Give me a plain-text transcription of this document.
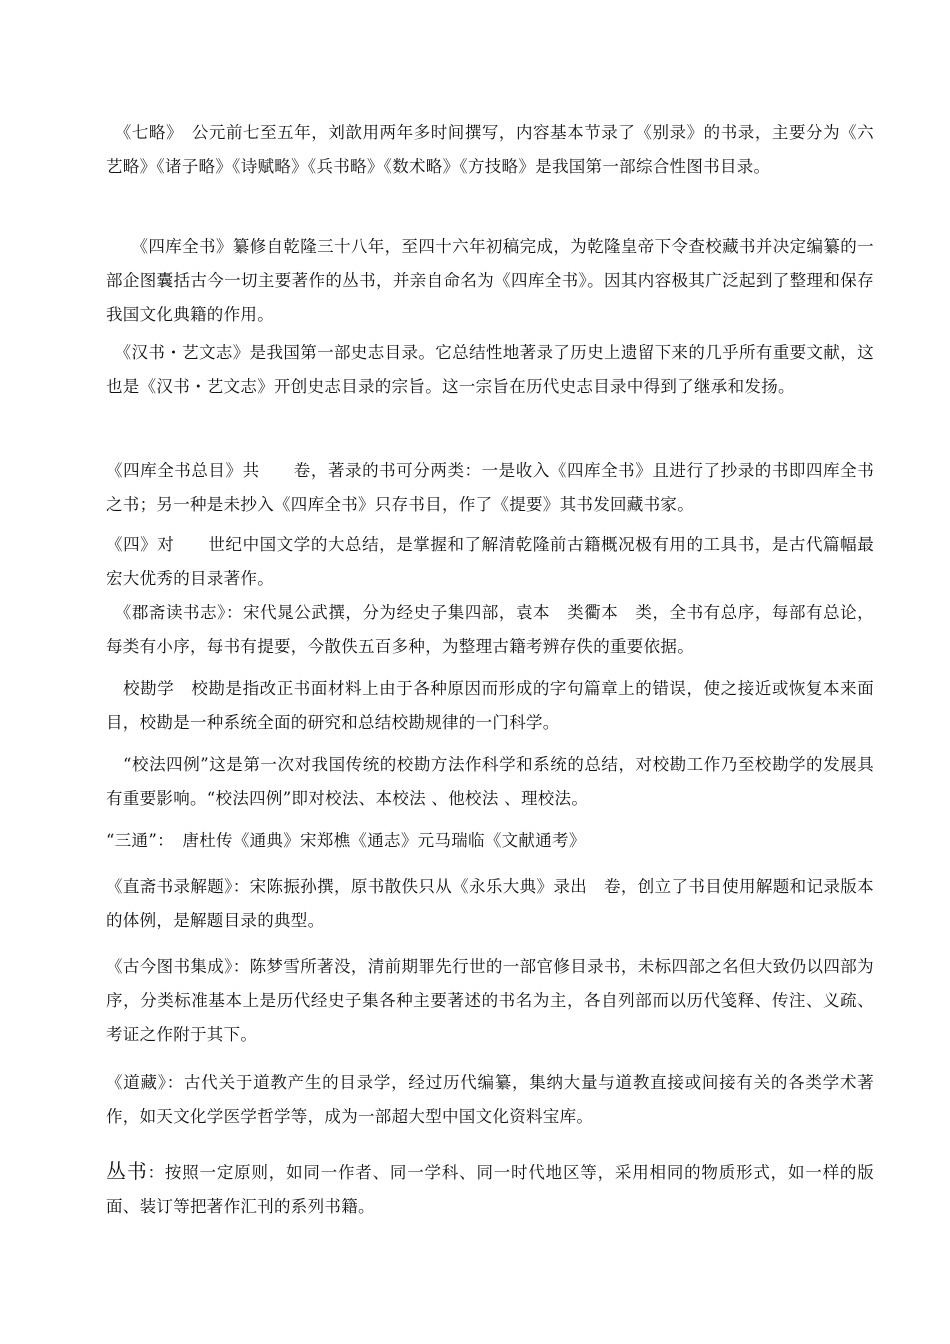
　《七略》　公元前七至五年，刘歆用两年多时间撰写，内容基本节录了《别录》的书录，主要分为《六艺略》《诸子略》《诗赋略》《兵书略》《数术略》《方技略》是我国第一部综合性图书目录。

　　《四库全书》纂修自乾隆三十八年，至四十六年初稿完成，为乾隆皇帝下令查校藏书并决定编纂的一部企图囊括古今一切主要著作的丛书，并亲自命名为《四库全书》。因其内容极其广泛起到了整理和保存我国文化典籍的作用。

　《汉书・艺文志》是我国第一部史志目录。它总结性地著录了历史上遗留下来的几乎所有重要文献，这也是《汉书・艺文志》开创史志目录的宗旨。这一宗旨在历代史志目录中得到了继承和发扬。

《四库全书总目》共　　卷，著录的书可分两类：一是收入《四库全书》且进行了抄录的书即四库全书之书；另一种是未抄入《四库全书》只存书目，作了《提要》其书发回藏书家。

《四》对　　世纪中国文学的大总结，是掌握和了解清乾隆前古籍概况极有用的工具书，是古代篇幅最宏大优秀的目录著作。

　《郡斋读书志》：宋代晁公武撰，分为经史子集四部，袁本　类衢本　类，全书有总序，每部有总论，每类有小序，每书有提要，今散佚五百多种，为整理古籍考辨存佚的重要依据。

　校勘学　校勘是指改正书面材料上由于各种原因而形成的字句篇章上的错误，使之接近或恢复本来面目，校勘是一种系统全面的研究和总结校勘规律的一门科学。

　“校法四例”这是第一次对我国传统的校勘方法作科学和系统的总结，对校勘工作乃至校勘学的发展具有重要影响。“校法四例”即对校法、本校法 、他校法 、理校法。

“三通”：　唐杜传《通典》宋郑樵《通志》元马瑞临《文献通考》

《直斋书录解题》：宋陈振孙撰，原书散佚只从《永乐大典》录出　卷，创立了书目使用解题和记录版本的体例，是解题目录的典型。

《古今图书集成》：陈梦雪所著没，清前期罪先行世的一部官修目录书，未标四部之名但大致仍以四部为序，分类标准基本上是历代经史子集各种主要著述的书名为主，各自列部而以历代笺释、传注、义疏、考证之作附于其下。

《道藏》：古代关于道教产生的目录学，经过历代编纂，集纳大量与道教直接或间接有关的各类学术著作，如天文化学医学哲学等，成为一部超大型中国文化资料宝库。

丛书：按照一定原则，如同一作者、同一学科、同一时代地区等，采用相同的物质形式，如一样的版面、装订等把著作汇刊的系列书籍。
